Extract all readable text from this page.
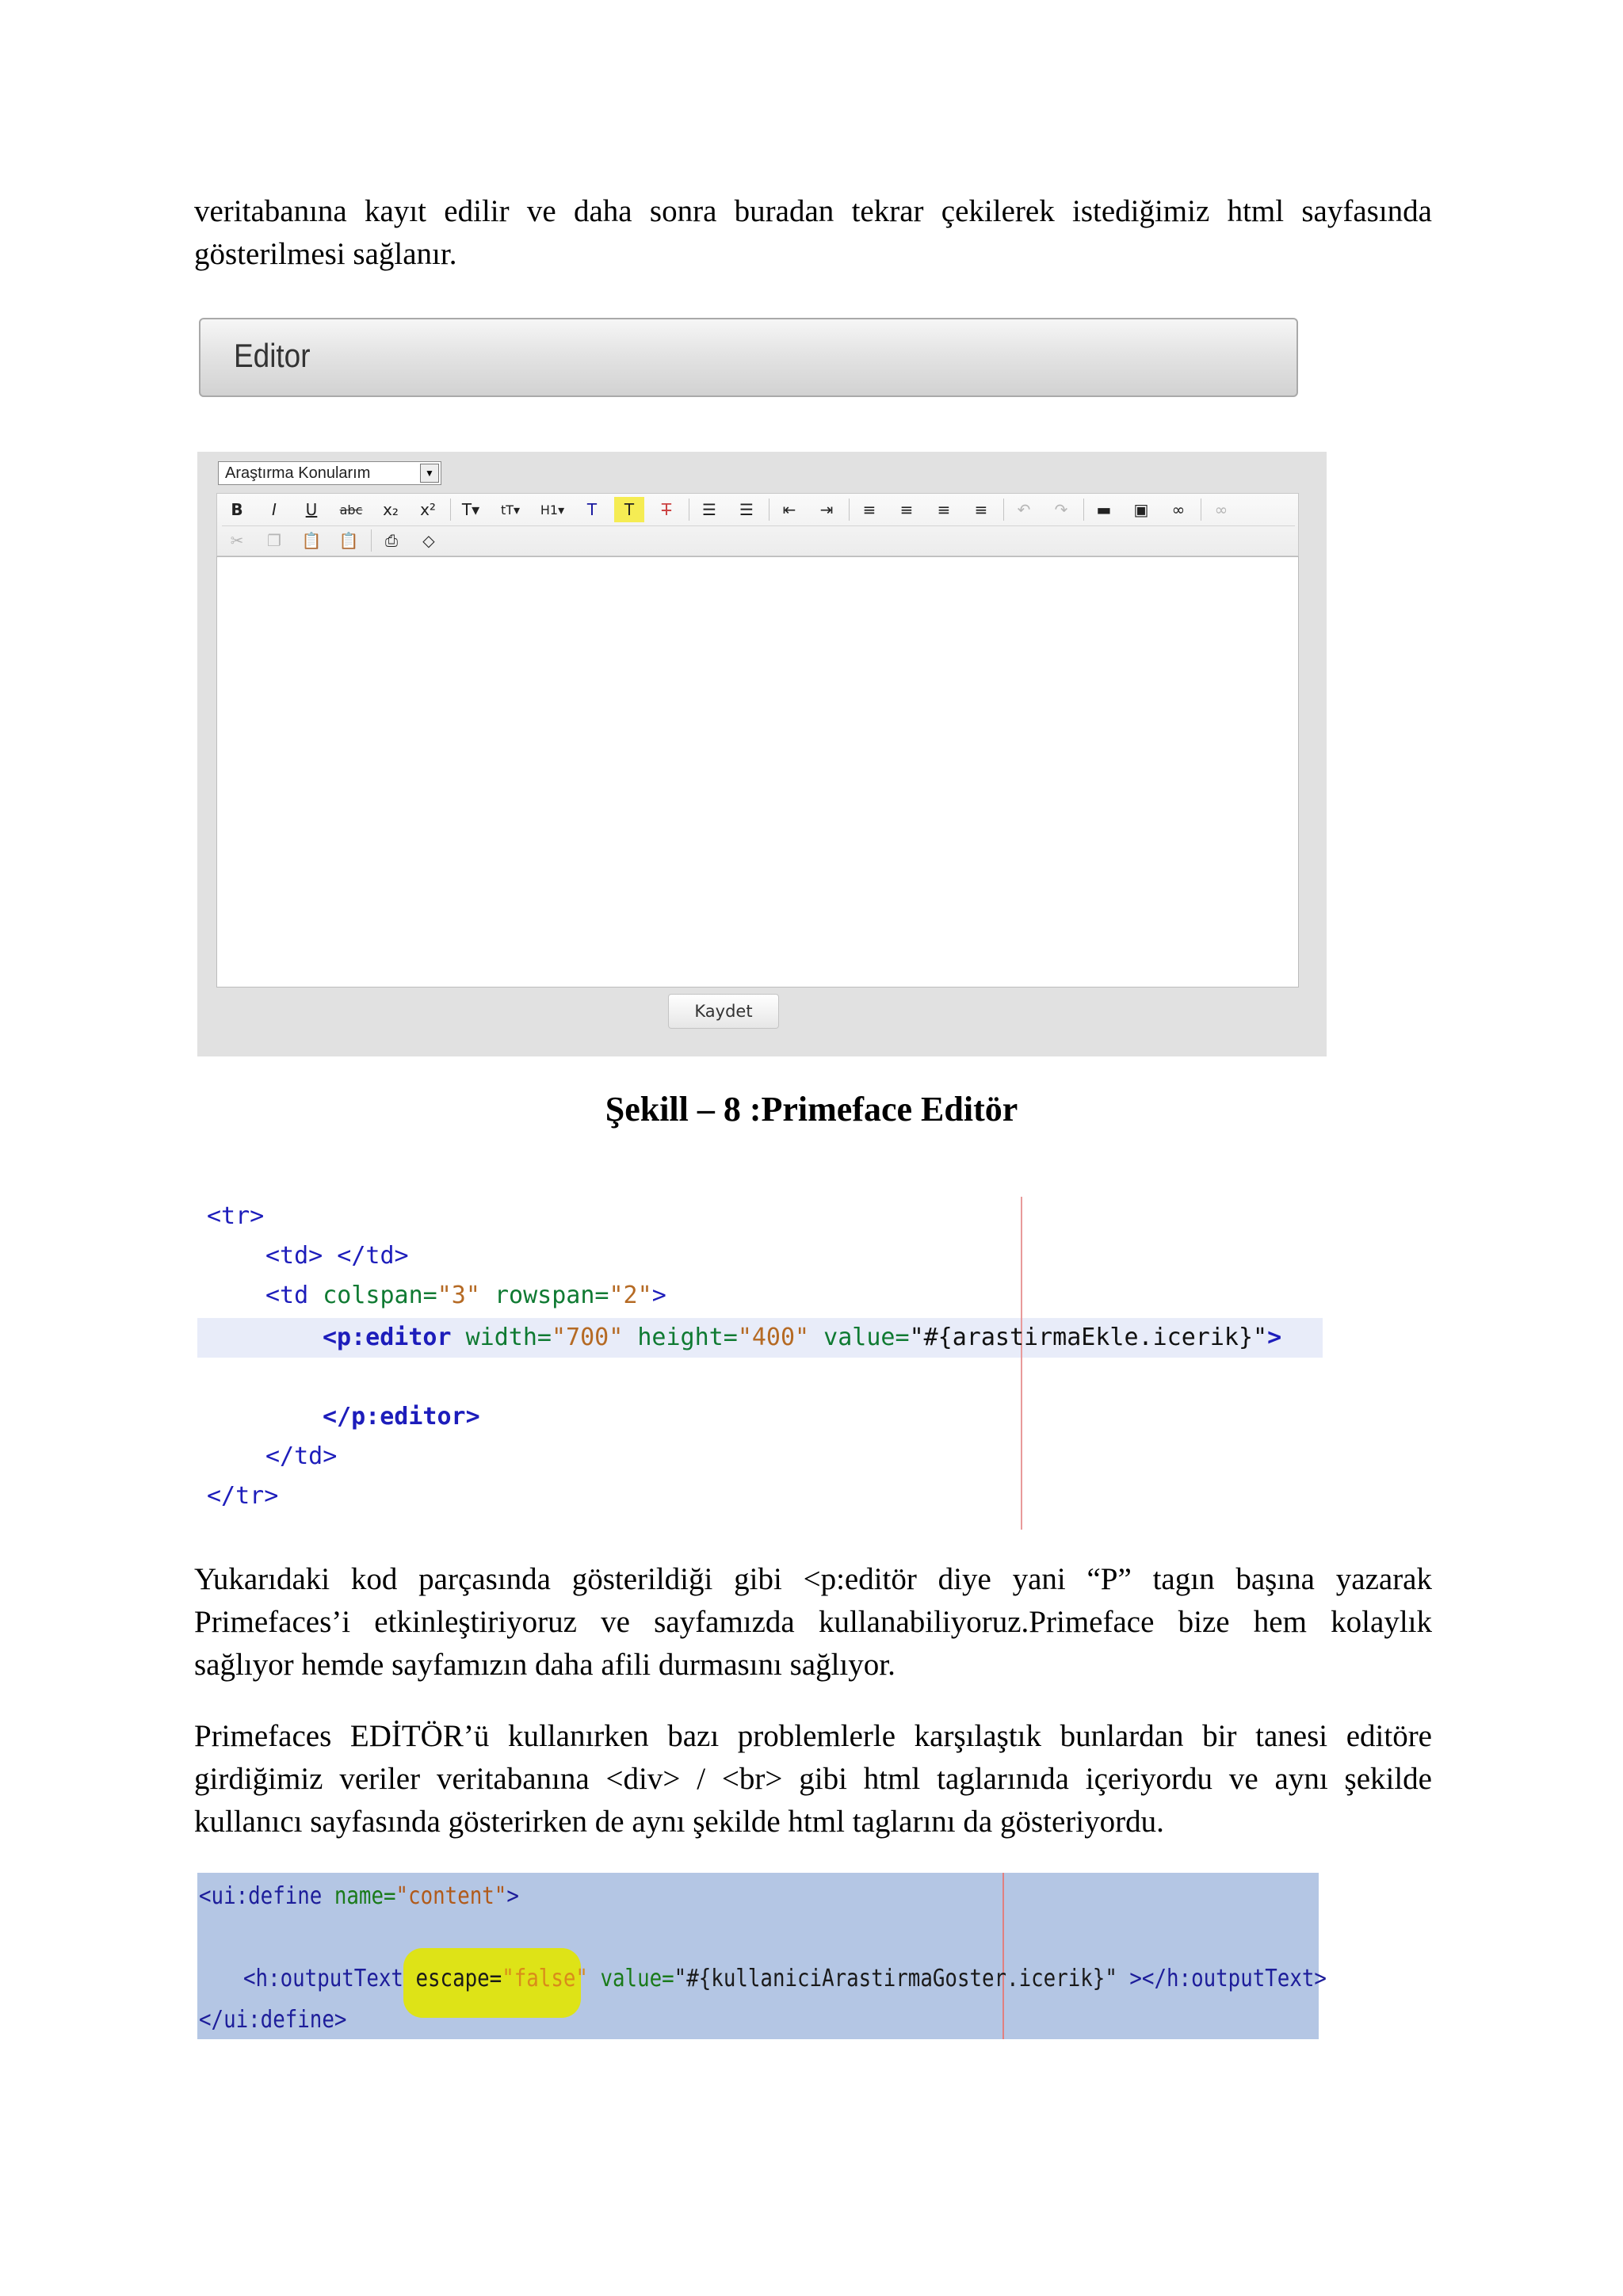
veritabanına kayıt edilir ve daha sonra buradan tekrar çekilerek istediğimiz html sayfasında
gösterilmesi sağlanır.
Editor
Araştırma Konularım	▼
B	I	U	abc	x₂	x²	T▾	tT▾	H1▾	T	T	T	☰	☰	⇤	⇥	≡	≡	≡	≡	↶	↷	▬	▣	∞	∞
✂	❐	📋	📋	⎙	◇
Kaydet
Şekill – 8 :Primeface Editör
<tr>
<td> </td>
<td colspan="3" rowspan="2">
<p:editor width="700" height="400" value="#{arastirmaEkle.icerik}">
</p:editor>
</td>
</tr>
Yukarıdaki kod parçasında gösterildiği gibi <p:editör diye yani “P” tagın başına yazarak
Primefaces’i etkinleştiriyoruz ve sayfamızda kullanabiliyoruz.Primeface bize hem kolaylık
sağlıyor hemde sayfamızın daha afili durmasını sağlıyor.
Primefaces EDİTÖR’ü kullanırken bazı problemlerle karşılaştık bunlardan bir tanesi editöre
girdiğimiz veriler veritabanına <div> / <br> gibi html taglarınıda içeriyordu ve aynı şekilde
kullanıcı sayfasında gösterirken de aynı şekilde html taglarını da gösteriyordu.
<ui:define name="content">
<h:outputText escape="false" value="#{kullaniciArastirmaGoster.icerik}" ></h:outputText>
</ui:define>
